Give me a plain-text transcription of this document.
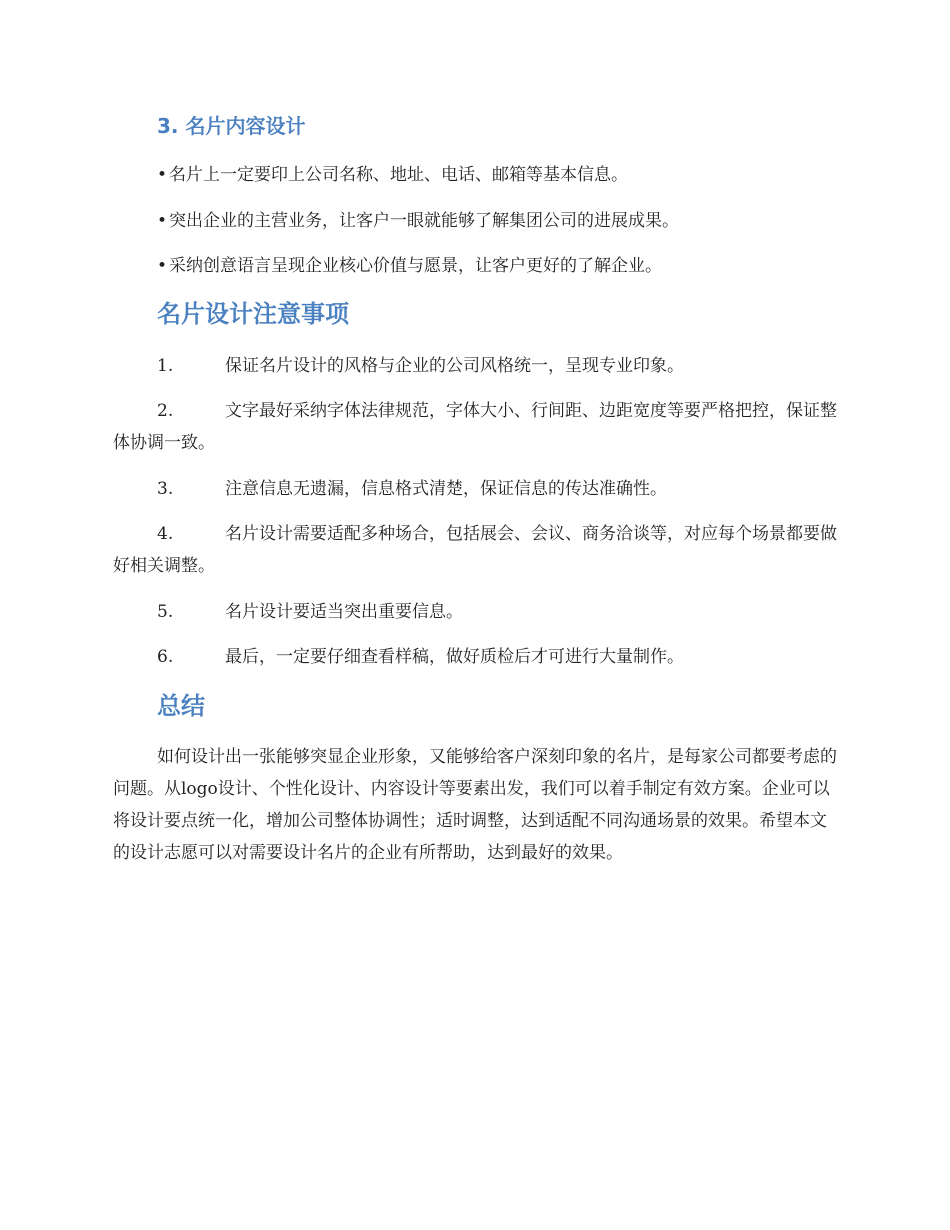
3. 名片内容设计
• 名片上一定要印上公司名称、地址、电话、邮箱等基本信息。
• 突出企业的主营业务，让客户一眼就能够了解集团公司的进展成果。
• 采纳创意语言呈现企业核心价值与愿景，让客户更好的了解企业。
名片设计注意事项
1.	保证名片设计的风格与企业的公司风格统一，呈现专业印象。
2.	文字最好采纳字体法律规范，字体大小、行间距、边距宽度等要严格把控，保证整体协调一致。
3.	注意信息无遗漏，信息格式清楚，保证信息的传达准确性。
4.	名片设计需要适配多种场合，包括展会、会议、商务洽谈等，对应每个场景都要做好相关调整。
5.	名片设计要适当突出重要信息。
6.	最后，一定要仔细查看样稿，做好质检后才可进行大量制作。
总结
如何设计出一张能够突显企业形象，又能够给客户深刻印象的名片，是每家公司都要考虑的问题。从logo设计、个性化设计、内容设计等要素出发，我们可以着手制定有效方案。企业可以将设计要点统一化，增加公司整体协调性；适时调整，达到适配不同沟通场景的效果。希望本文的设计志愿可以对需要设计名片的企业有所帮助，达到最好的效果。
